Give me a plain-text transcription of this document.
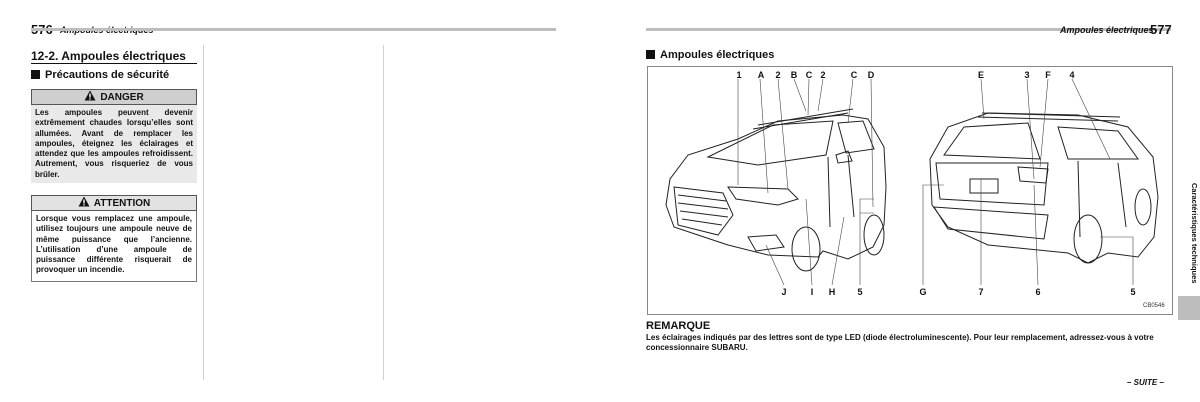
12-2. Ampoules électriques
Précautions de sécurité
DANGER
Les ampoules peuvent devenir extrêmement chaudes lorsqu’elles sont allumées. Avant de remplacer les ampoules, éteignez les éclairages et attendez que les ampoules refroidissent. Autrement, vous risqueriez de vous brûler.
ATTENTION
Lorsque vous remplacez une ampoule, utilisez toujours une ampoule neuve de même puissance que l’ancienne. L’utilisation d’une ampoule de puissance différente risquerait de provoquer un incendie.
Ampoules électriques
577
Ampoules électriques
1	A	2	B C 2	C	D	E	3	F	4
J	I	H	5	G	7	6	5
CB0546
REMARQUE
Les éclairages indiqués par des lettres sont de type LED (diode électroluminescente). Pour leur remplacement, adressez-vous à votre concessionnaire SUBARU.
Caractéristiques techniques
– SUITE –
